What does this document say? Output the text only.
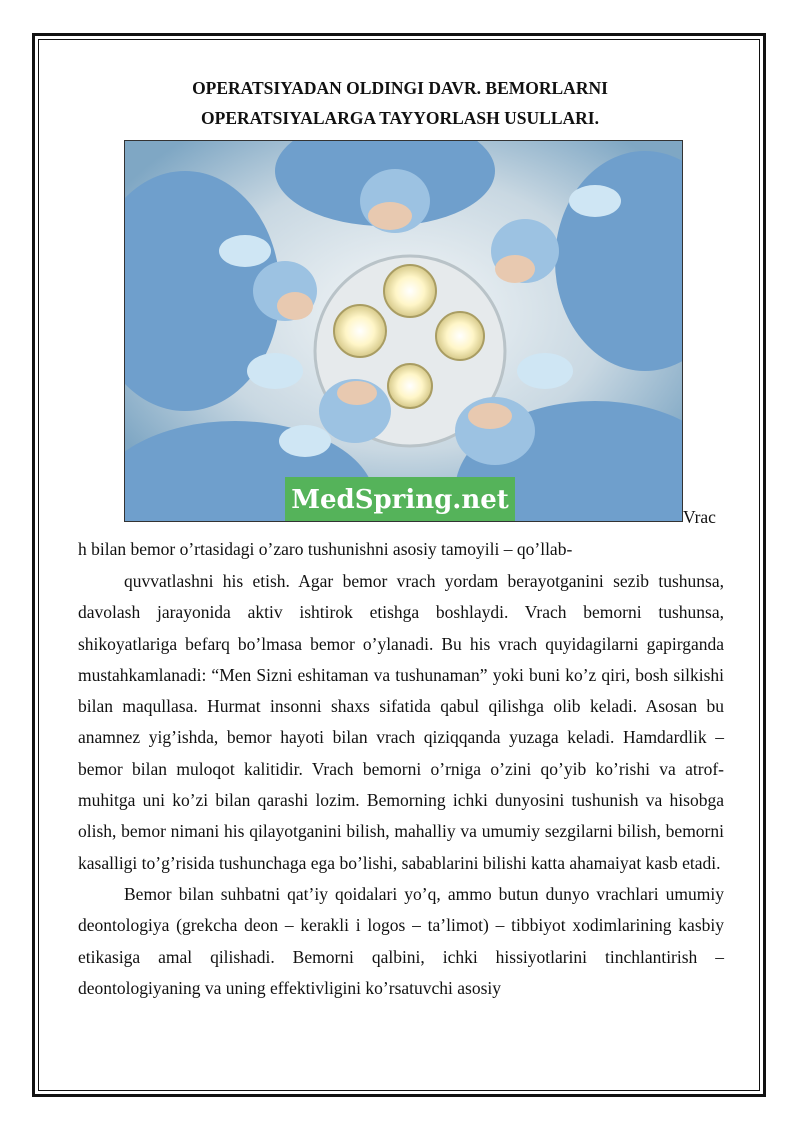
OPERATSIYADAN OLDINGI DAVR. BEMORLARNI
OPERATSIYALARGA TAYYORLASH USULLARI.
MedSpring.net
Vrac
h bilan bemor o’rtasidagi o’zaro tushunishni asosiy tamoyili – qo’llab-

quvvatlashni his etish. Agar bemor vrach yordam berayotganini sezib tushunsa, davolash jarayonida aktiv ishtirok etishga boshlaydi. Vrach bemorni tushunsa, shikoyatlariga befarq bo’lmasa bemor o’ylanadi. Bu his vrach quyidagilarni gapirganda mustahkamlanadi: “Men Sizni eshitaman va tushunaman” yoki buni ko’z qiri, bosh silkishi bilan maqullasa. Hurmat insonni shaxs sifatida qabul qilishga olib keladi. Asosan bu anamnez yig’ishda, bemor hayoti bilan vrach qiziqqanda yuzaga keladi. Hamdardlik – bemor bilan muloqot kalitidir. Vrach bemorni o’rniga o’zini qo’yib ko’rishi va atrof-muhitga uni ko’zi bilan qarashi lozim. Bemorning ichki dunyosini tushunish va hisobga olish, bemor nimani his qilayotganini bilish, mahalliy va umumiy sezgilarni bilish, bemorni kasalligi to’g’risida tushunchaga ega bo’lishi, sabablarini bilishi katta ahamaiyat kasb etadi.

Bemor bilan suhbatni qat’iy qoidalari yo’q, ammo butun dunyo vrachlari umumiy deontologiya (grekcha deon – kerakli i logos – ta’limot) – tibbiyot xodimlarining kasbiy etikasiga amal qilishadi. Bemorni qalbini, ichki hissiyotlarini tinchlantirish – deontologiyaning va uning effektivligini ko’rsatuvchi asosiy
